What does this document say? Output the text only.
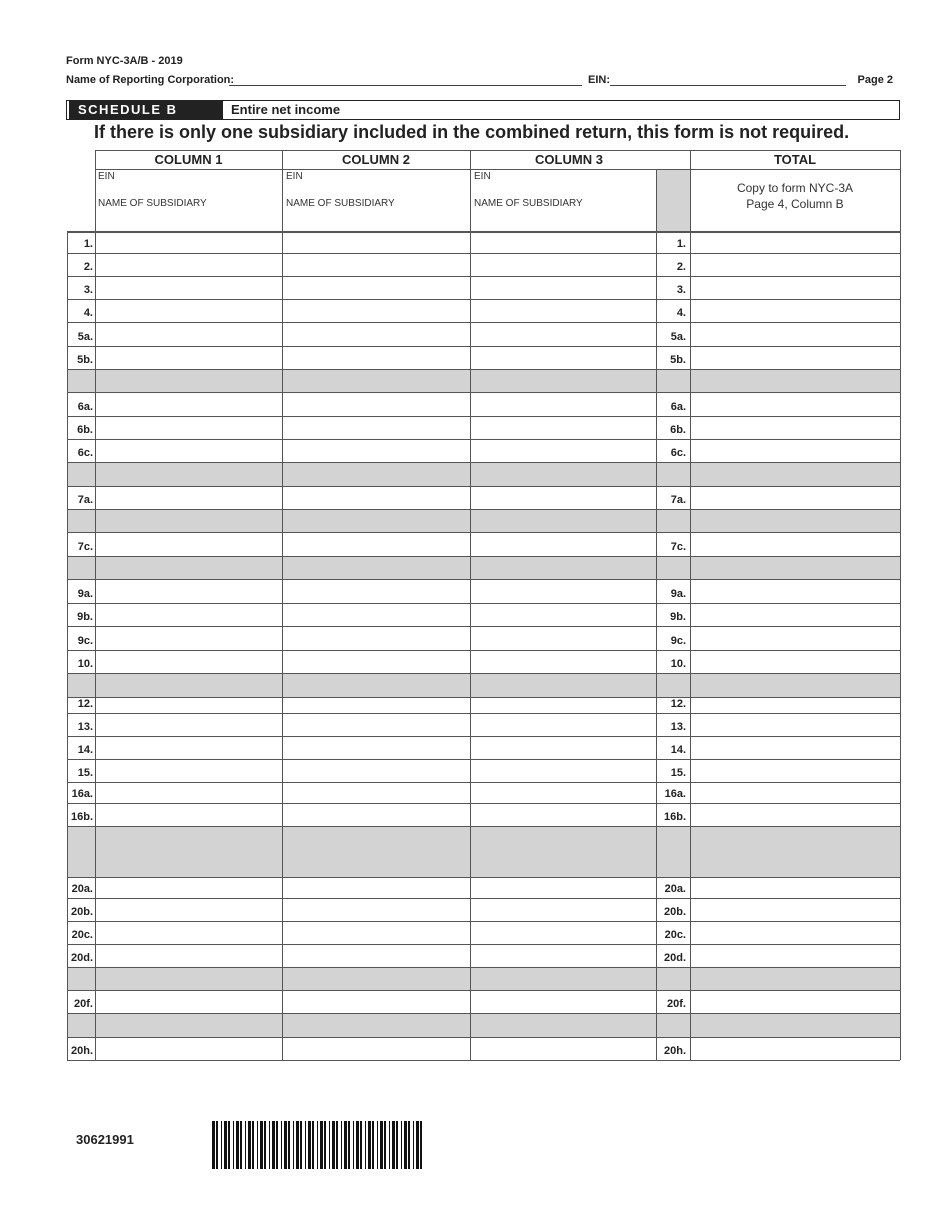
Form NYC-3A/B - 2019
Name of Reporting Corporation:	EIN:	Page 2
SCHEDULE B	Entire net income
If there is only one subsidiary included in the combined return, this form is not required.
COLUMN 1	COLUMN 2	COLUMN 3	TOTAL
EIN
NAME OF SUBSIDIARY
EIN
NAME OF SUBSIDIARY
EIN
NAME OF SUBSIDIARY
Copy to form NYC-3A
Page 4, Column B
1.	1.
2.	2.
3.	3.
4.	4.
5a.	5a.
5b.	5b.
6a.	6a.
6b.	6b.
6c.	6c.
7a.	7a.
7c.	7c.
9a.	9a.
9b.	9b.
9c.	9c.
10.	10.
12.	12.
13.	13.
14.	14.
15.	15.
16a.	16a.
16b.	16b.
20a.	20a.
20b.	20b.
20c.	20c.
20d.	20d.
20f.	20f.
20h.	20h.
30621991
